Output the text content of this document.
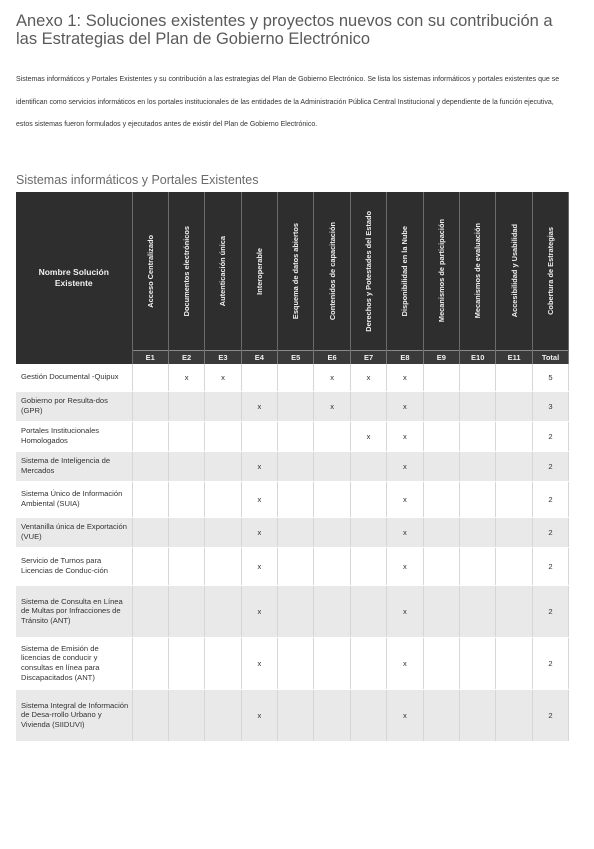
Anexo 1: Soluciones existentes y proyectos nuevos con su contribución a las Estrategias del Plan de Gobierno Electrónico
Sistemas informáticos y Portales Existentes y su contribución a las estrategias del Plan de Gobierno Electrónico. Se lista los sistemas informáticos y portales existentes que se identifican como servicios informáticos en los portales institucionales de las entidades de la Administración Pública Central Institucional y dependiente de la función ejecutiva, estos sistemas fueron formulados y ejecutados antes de existir del Plan de Gobierno Electrónico.
Sistemas informáticos y Portales Existentes
Nombre Solución Existente	Acceso Centralizado	Documentos electrónicos	Autenticación única	Interoperable	Esquema de datos abiertos	Contenidos de capacitación	Derechos y Potestades del Estado	Disponibilidad en la Nube	Mecanismos de participación	Mecanismos de evaluación	Accesibilidad y Usabilidad	Cobertura de Estrategias

	E1	E2	E3	E4	E5	E6	E7	E8	E9	E10	E11	Total
Gestión Documental -Quipux		x	x			x	x	x				5
Gobierno por Resulta-dos (GPR)				x		x		x				3
Portales Institucionales Homologados							x	x				2
Sistema de Inteligencia de Mercados				x				x				2
Sistema Único de Información Ambiental (SUIA)				x				x				2
Ventanilla única de Exportación (VUE)				x				x				2
Servicio de Turnos para Licencias de Conduc-ción				x				x				2
Sistema de Consulta en Línea de Multas por Infracciones de Tránsito (ANT)				x				x				2
Sistema de Emisión de licencias de conducir y consultas en línea para Discapacitados (ANT)				x				x				2
Sistema Integral de Información de Desa-rrollo Urbano y Vivienda (SIIDUVI)				x				x				2
